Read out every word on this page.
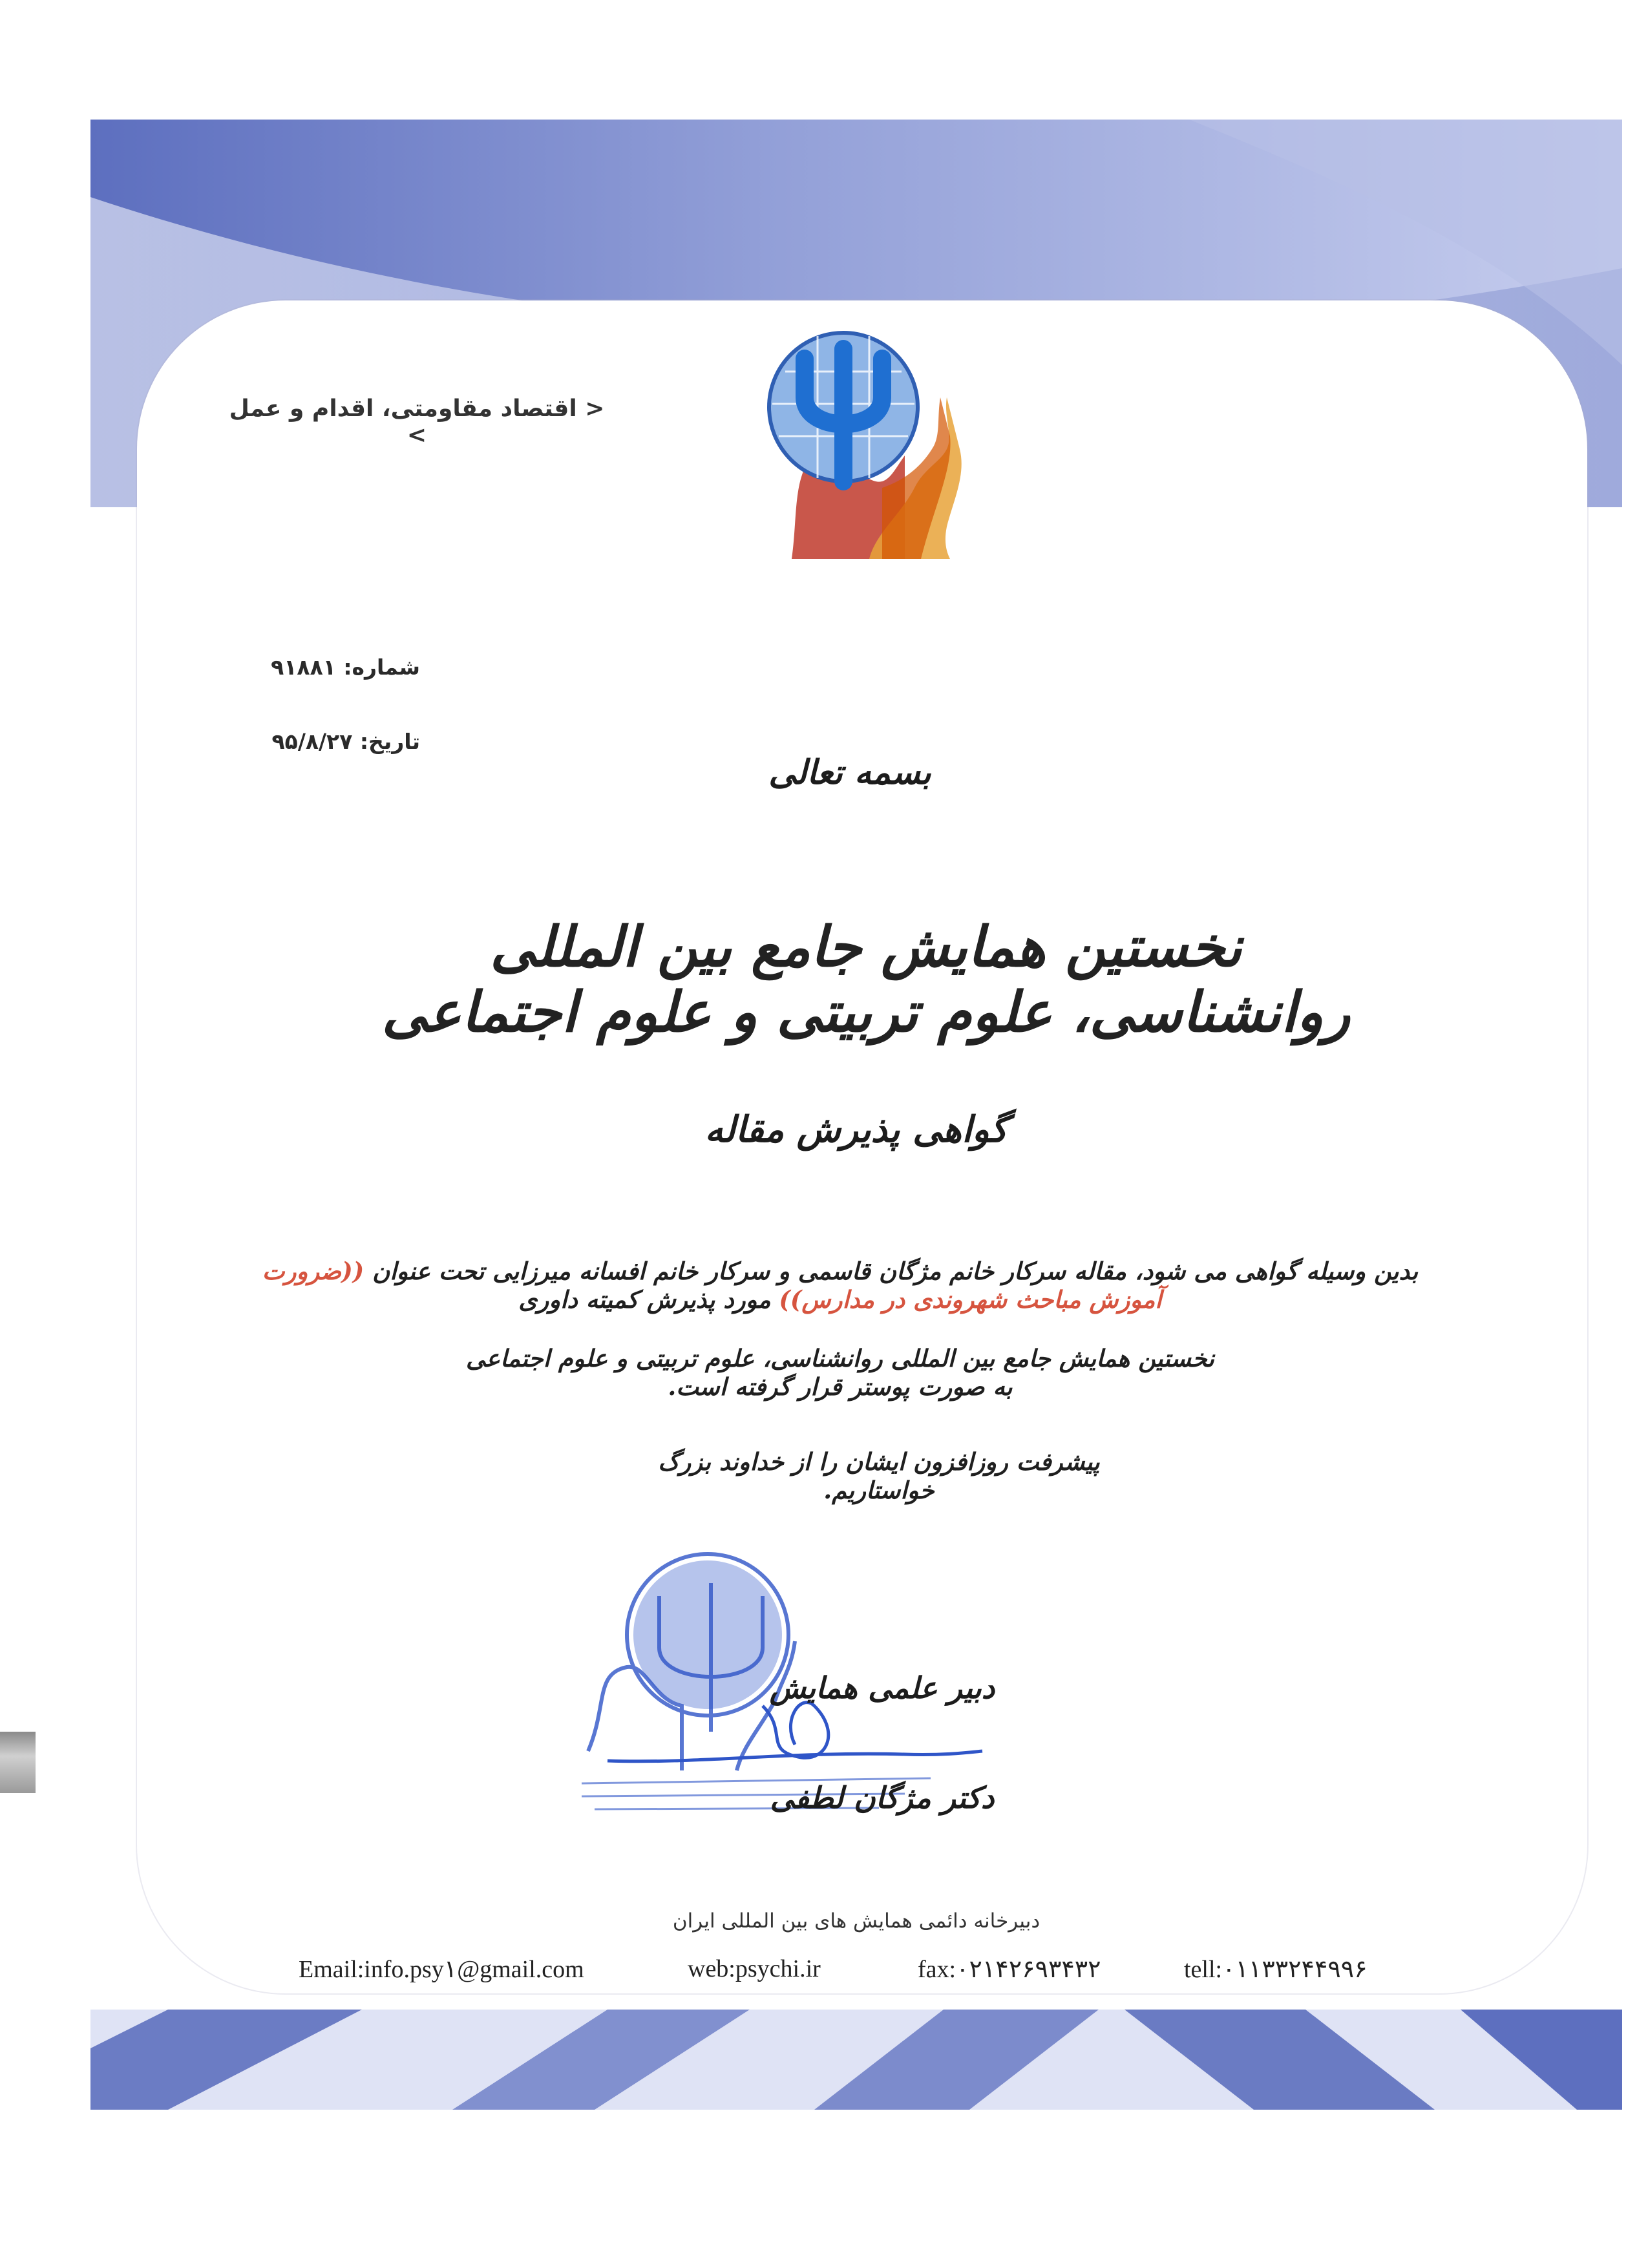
< اقتصاد مقاومتی، اقدام و عمل >
شماره: ۹۱۸۸۱
تاریخ: ۹۵/۸/۲۷
بسمه تعالی
نخستین همایش جامع بین المللی روانشناسی، علوم تربیتی و علوم اجتماعی
گواهی پذیرش مقاله
بدین وسیله گواهی می شود، مقاله سرکار خانم مژگان قاسمی و سرکار خانم افسانه میرزایی تحت عنوان ((ضرورت آموزش مباحث شهروندی در مدارس)) مورد پذیرش کمیته داوری
نخستین همایش جامع بین المللی روانشناسی، علوم تربیتی و علوم اجتماعی به صورت پوستر قرار گرفته است.
پیشرفت روزافزون ایشان را از خداوند بزرگ خواستاریم.
دبیر علمی همایش
دکتر مژگان لطفی
دبیرخانه دائمی همایش های بین المللی ایران
Email:info.psy۱@gmail.com	web:psychi.ir	fax:۰۲۱۴۲۶۹۳۴۳۲	tell:۰۱۱۳۳۲۴۴۹۹۶
